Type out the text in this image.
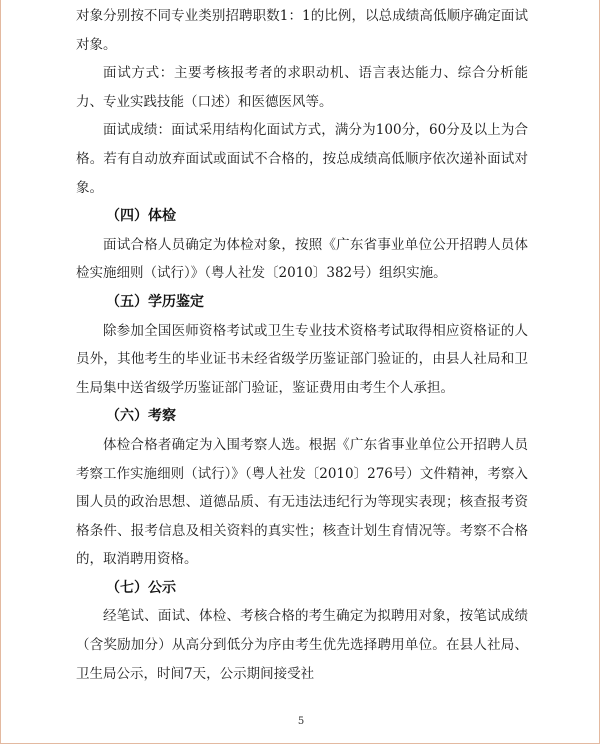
对象分别按不同专业类别招聘职数1：1的比例，以总成绩高低顺序确定面试对象。

面试方式：主要考核报考者的求职动机、语言表达能力、综合分析能力、专业实践技能（口述）和医德医风等。

面试成绩：面试采用结构化面试方式，满分为100分，60分及以上为合格。若有自动放弃面试或面试不合格的，按总成绩高低顺序依次递补面试对象。

（四）体检

面试合格人员确定为体检对象，按照《广东省事业单位公开招聘人员体检实施细则（试行）》（粤人社发〔2010〕382号）组织实施。

（五）学历鉴定

除参加全国医师资格考试或卫生专业技术资格考试取得相应资格证的人员外，其他考生的毕业证书未经省级学历鉴证部门验证的，由县人社局和卫生局集中送省级学历鉴证部门验证，鉴证费用由考生个人承担。

（六）考察

体检合格者确定为入围考察人选。根据《广东省事业单位公开招聘人员考察工作实施细则（试行）》（粤人社发〔2010〕276号）文件精神，考察入围人员的政治思想、道德品质、有无违法违纪行为等现实表现；核查报考资格条件、报考信息及相关资料的真实性；核查计划生育情况等。考察不合格的，取消聘用资格。

（七）公示

经笔试、面试、体检、考核合格的考生确定为拟聘用对象，按笔试成绩（含奖励加分）从高分到低分为序由考生优先选择聘用单位。在县人社局、卫生局公示，时间7天，公示期间接受社

5
